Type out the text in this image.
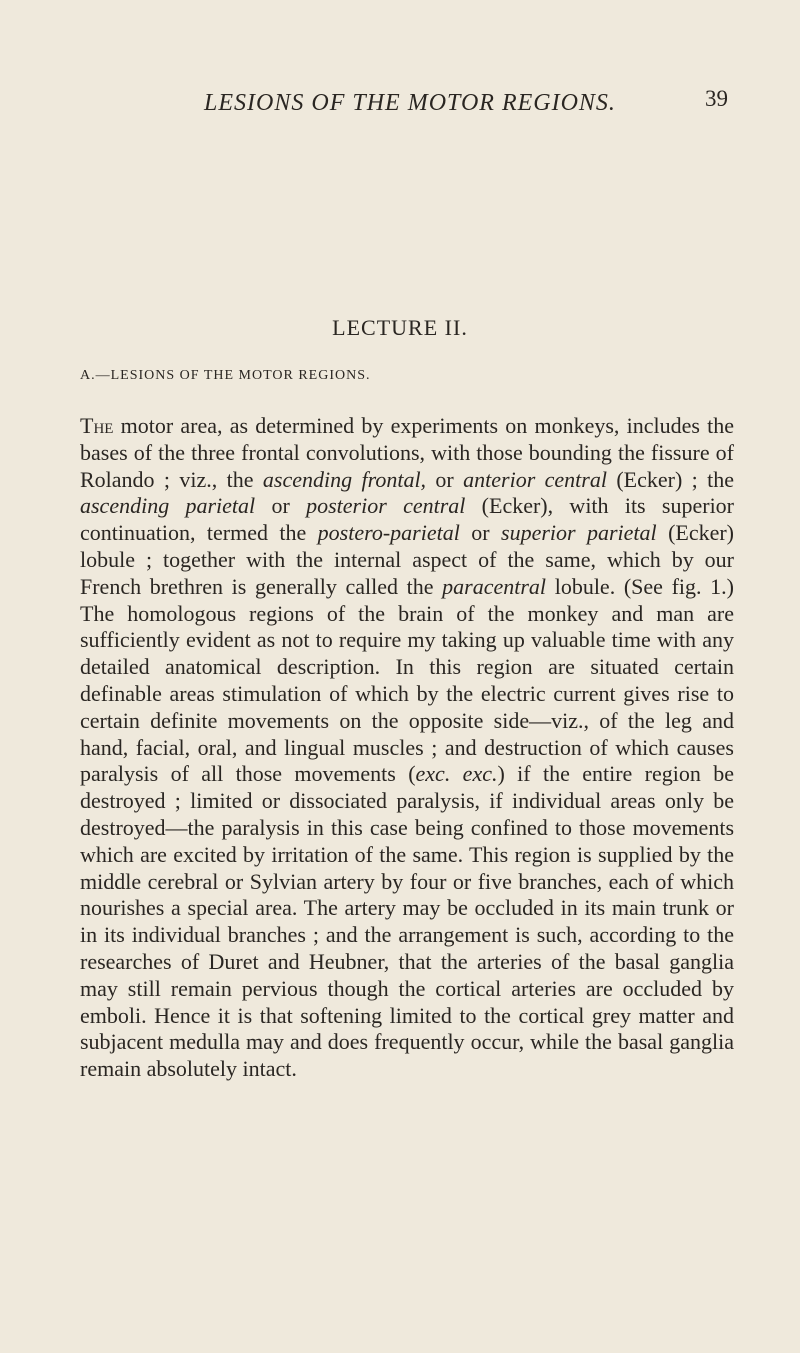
LESIONS OF THE MOTOR REGIONS.	39
LECTURE II.
A.—LESIONS OF THE MOTOR REGIONS.
The motor area, as determined by experiments on monkeys, includes the bases of the three frontal convolutions, with those bounding the fissure of Rolando ; viz., the ascending frontal, or anterior central (Ecker) ; the ascending parietal or posterior central (Ecker), with its superior continuation, termed the postero-parietal or superior parietal (Ecker) lobule ; together with the internal aspect of the same, which by our French brethren is generally called the paracentral lobule. (See fig. 1.) The homologous regions of the brain of the monkey and man are sufficiently evident as not to require my taking up valuable time with any detailed anatomical description. In this region are situated certain definable areas stimulation of which by the electric current gives rise to certain definite movements on the opposite side—viz., of the leg and hand, facial, oral, and lingual muscles ; and destruction of which causes paralysis of all those movements (exc. exc.) if the entire region be destroyed ; limited or dissociated paralysis, if individual areas only be destroyed—the paralysis in this case being confined to those movements which are excited by irritation of the same. This region is supplied by the middle cerebral or Sylvian artery by four or five branches, each of which nourishes a special area. The artery may be occluded in its main trunk or in its individual branches ; and the arrangement is such, according to the researches of Duret and Heubner, that the arteries of the basal ganglia may still remain pervious though the cortical arteries are occluded by emboli. Hence it is that softening limited to the cortical grey matter and subjacent medulla may and does frequently occur, while the basal ganglia remain absolutely intact.
